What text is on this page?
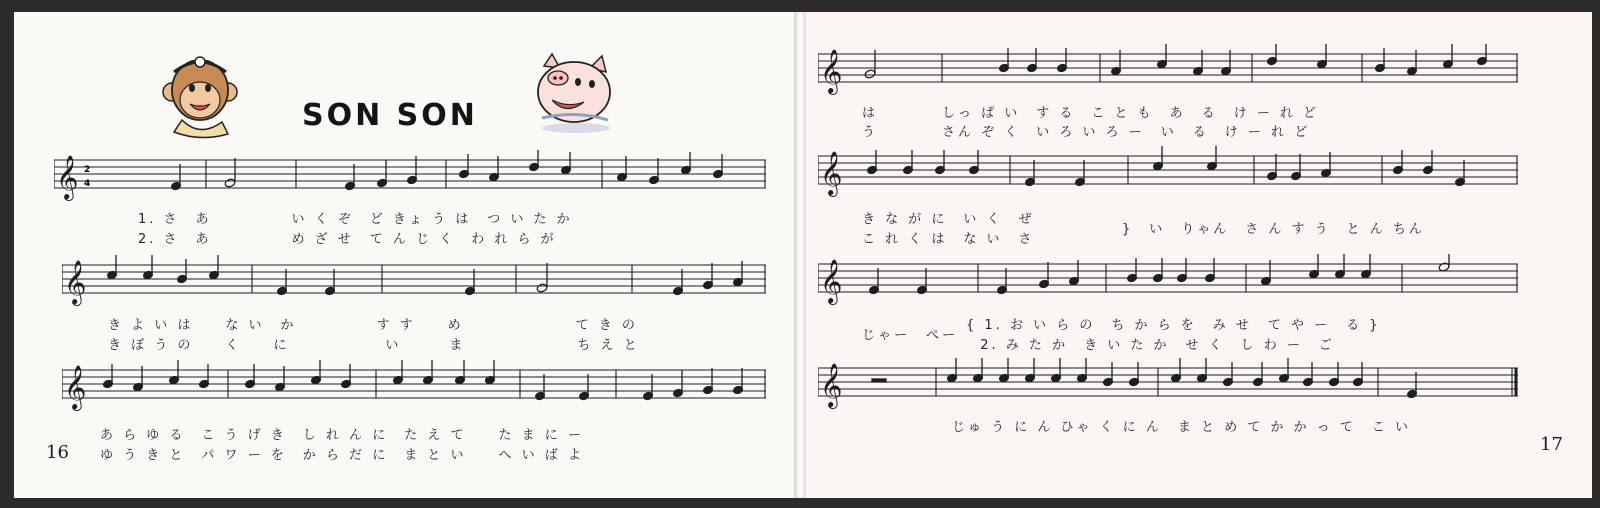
SON SON
𝄞 2
4

1. さ　あ　　　　　い く ぞ　ど きょ う は　つ い た か

2. さ　あ　　　　　め ざ せ　て ん じ く　わ れ ら が

𝄞

き よ い は　　な い　か　　　　　す す　　め　　　　　　　て き の

き ぼ う の　　く　　に　　　　　　い　　　ま　　　　　　　ち え と

𝄞

あ ら ゆ る　こ う げ き　し れ ん に　た え て　　た ま に ー

ゆ う き と　パ ワ ー を　か ら だ に　ま と い　　へ い ば よ

16

𝄞

は　　　　しっ ぱ い　す る　こ と も　あ　る　け ー れ ど

う　　　　さん ぞ く　い ろ い ろ ー　い　る　け ー れ ど

𝄞

き な が に　い く　ぜ

こ れ く は　な い　さ

}　い　りゃん　さ ん す う　と ん ちん

𝄞

じゃー　ぺー

{ 1. お い ら の　ち か ら を　み せ　て や ー　る }

2. み た か　き い た か　せ く　し わ ー　ご

𝄞

じゅ う に ん ひゃ く に ん　ま と め て か か っ て　こ い

17
